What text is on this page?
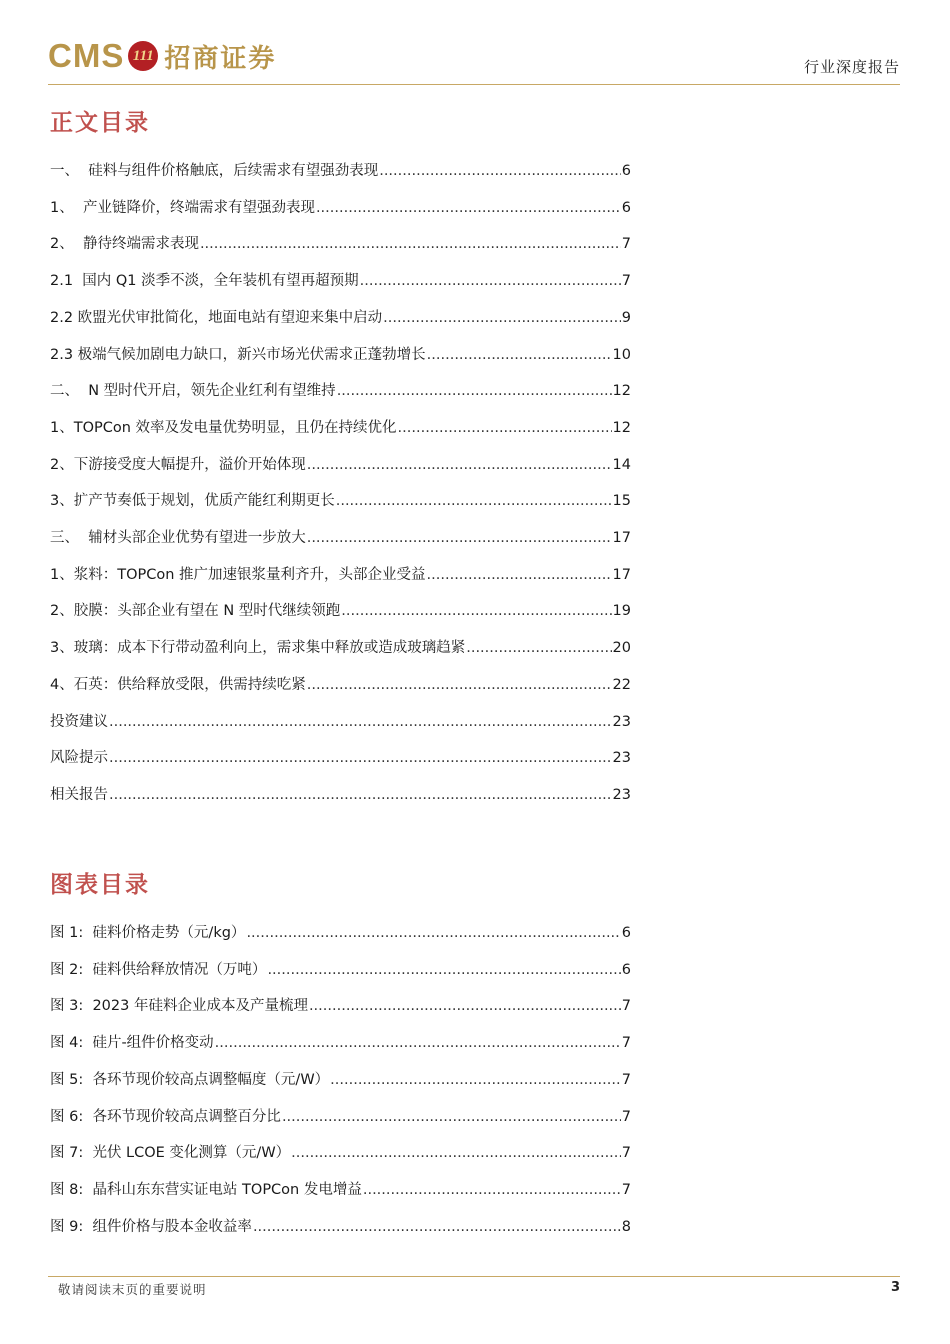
CMS 111 招商证券	行业深度报告
正文目录
一、  硅料与组件价格触底，后续需求有望强劲表现 .....	6
1、  产业链降价，终端需求有望强劲表现 .....	6
2、  静待终端需求表现 .....	7
2.1  国内 Q1 淡季不淡，全年装机有望再超预期 .....	7
2.2 欧盟光伏审批简化，地面电站有望迎来集中启动 .....	9
2.3 极端气候加剧电力缺口，新兴市场光伏需求正蓬勃增长 .....	10
二、  N 型时代开启，领先企业红利有望维持 .....	12
1、TOPCon 效率及发电量优势明显，且仍在持续优化 .....	12
2、下游接受度大幅提升，溢价开始体现 .....	14
3、扩产节奏低于规划，优质产能红利期更长 .....	15
三、  辅材头部企业优势有望进一步放大 .....	17
1、浆料：TOPCon 推广加速银浆量利齐升，头部企业受益 .....	17
2、胶膜：头部企业有望在 N 型时代继续领跑 .....	19
3、玻璃：成本下行带动盈利向上，需求集中释放或造成玻璃趋紧 .....	20
4、石英：供给释放受限，供需持续吃紧 .....	22
投资建议 .....	23
风险提示 .....	23
相关报告 .....	23
图表目录
图 1:  硅料价格走势（元/kg） .....	6
图 2:  硅料供给释放情况（万吨） .....	6
图 3:  2023 年硅料企业成本及产量梳理 .....	7
图 4:  硅片-组件价格变动 .....	7
图 5:  各环节现价较高点调整幅度（元/W） .....	7
图 6:  各环节现价较高点调整百分比 .....	7
图 7:  光伏 LCOE 变化测算（元/W） .....	7
图 8:  晶科山东东营实证电站 TOPCon 发电增益 .....	7
图 9:  组件价格与股本金收益率 .....	8
敬请阅读末页的重要说明	3
